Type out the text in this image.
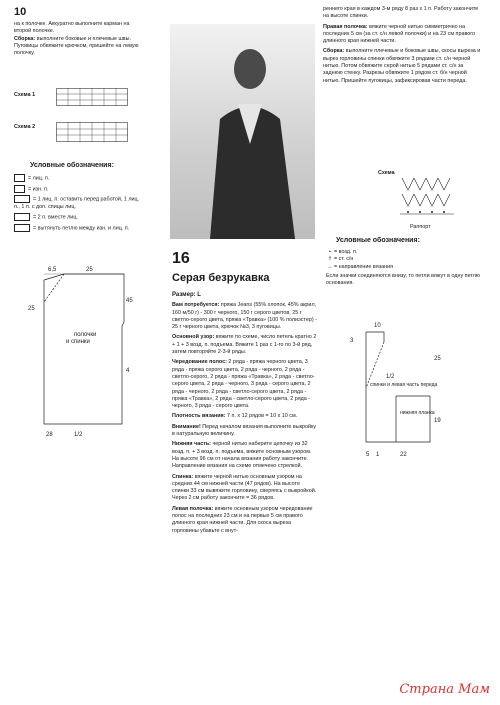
10
на к полочке. Аккуратно выполните карман на второй полочке.
Сборка: выполните боковые и плечевые швы. Пуговицы обвяжите крючком, пришейте на левую полочку.
Схема 1
Схема 2
Условные обозначения:
= лиц. п.
= изн. п.
= 1 лиц. п. оставить перед работой, 1 лиц. п., 1 п. с доп. спицы лиц.
= 2 п. вместе лиц.
= вытянуть петлю между изн. и лиц. п.
6,5	25
25
45
4
28	1/2
полочки
и спинки
16
Серая безрукавка
Размер: L
Вам потребуется: пряжа Jeans (55% хлопок, 45% акрил, 160 м/50 г) - 300 г черного, 150 г серого цветов, 25 г светло-серого цвета, пряжа «Травка» (100 % полиэстер) - 25 г черного цвета, крючок №3, 3 пуговицы.
Основной узор: вяжите по схеме, число петель кратно 2 + 1 + 3 возд. п. подъема. Вяжите 1 раз с 1-го по 3-й ряд, затем повторяйте 2-3-й ряды.
Чередование полос: 2 ряда - пряжа черного цвета, 3 ряда - пряжа серого цвета, 2 ряда - черного, 2 ряда - светло-серого, 2 ряда - пряжа «Травка», 2 ряда - светло-серого цвета, 2 ряда - черного, 3 ряда - серого цвета, 2 ряда - черного, 2 ряда - светло-серого цвета, 2 ряда - пряжа «Травка», 2 ряда - светло-серого цвета, 2 ряда - черного, 3 ряда - серого цвета.
Плотность вязания: 7 п. х 12 рядов = 10 х 10 см.
Внимание! Перед началом вязания выполните выкройку в натуральную величину.
Нижняя часть: черной нитью наберите цепочку из 32 возд. п. + 3 возд. п. подъема, вяжите основным узором. На высоте 96 см от начала вязания работу закончите. Направление вязания на схеме отмечено стрелкой.
Спинка: вяжите черной нитью основным узором на средних 44 см нижней части (47 рядов). На высоте спинки 33 см вывяжите горловину, сверяясь с выкройкой. Через 2 см работу закончите = 36 рядов.
Левая полочка: вяжите основным узором чередование полос на последних 23 см и на первых 5 см правого длинного края нижней части. Для скоса выреза горловины убавьте с внут-
реннего края в каждом 3-м ряду 8 раз х 1 п. Работу закончите на высоте спинки.
Правая полочка: вяжите черной нитью симметрично на последних 5 см (за ст. с/н левой полочки) и на 23 см правого длинного края нижней части.
Сборка: выполните плечевые и боковые швы, скосы выреза и вырез горловины спинки обвяжите 3 рядами ст. с/н черной нитью. Потом обвяжите серой нитью 5 рядами ст. с/н за заднюю стенку. Разрезы обвяжите 1 рядом ст. б/н черной нитью. Пришейте пуговицы, зафиксировав части переда.
Схема
Раппорт
Условные обозначения:
• = возд. п.
† = ст. с/н
→= направление вязания
Если значки соединяются внизу, то петли вяжут в одну петлю основания.
10
3
25
1/2
спинки и левая часть переда
нижняя планка
19
5 1	22
Страна Мам
